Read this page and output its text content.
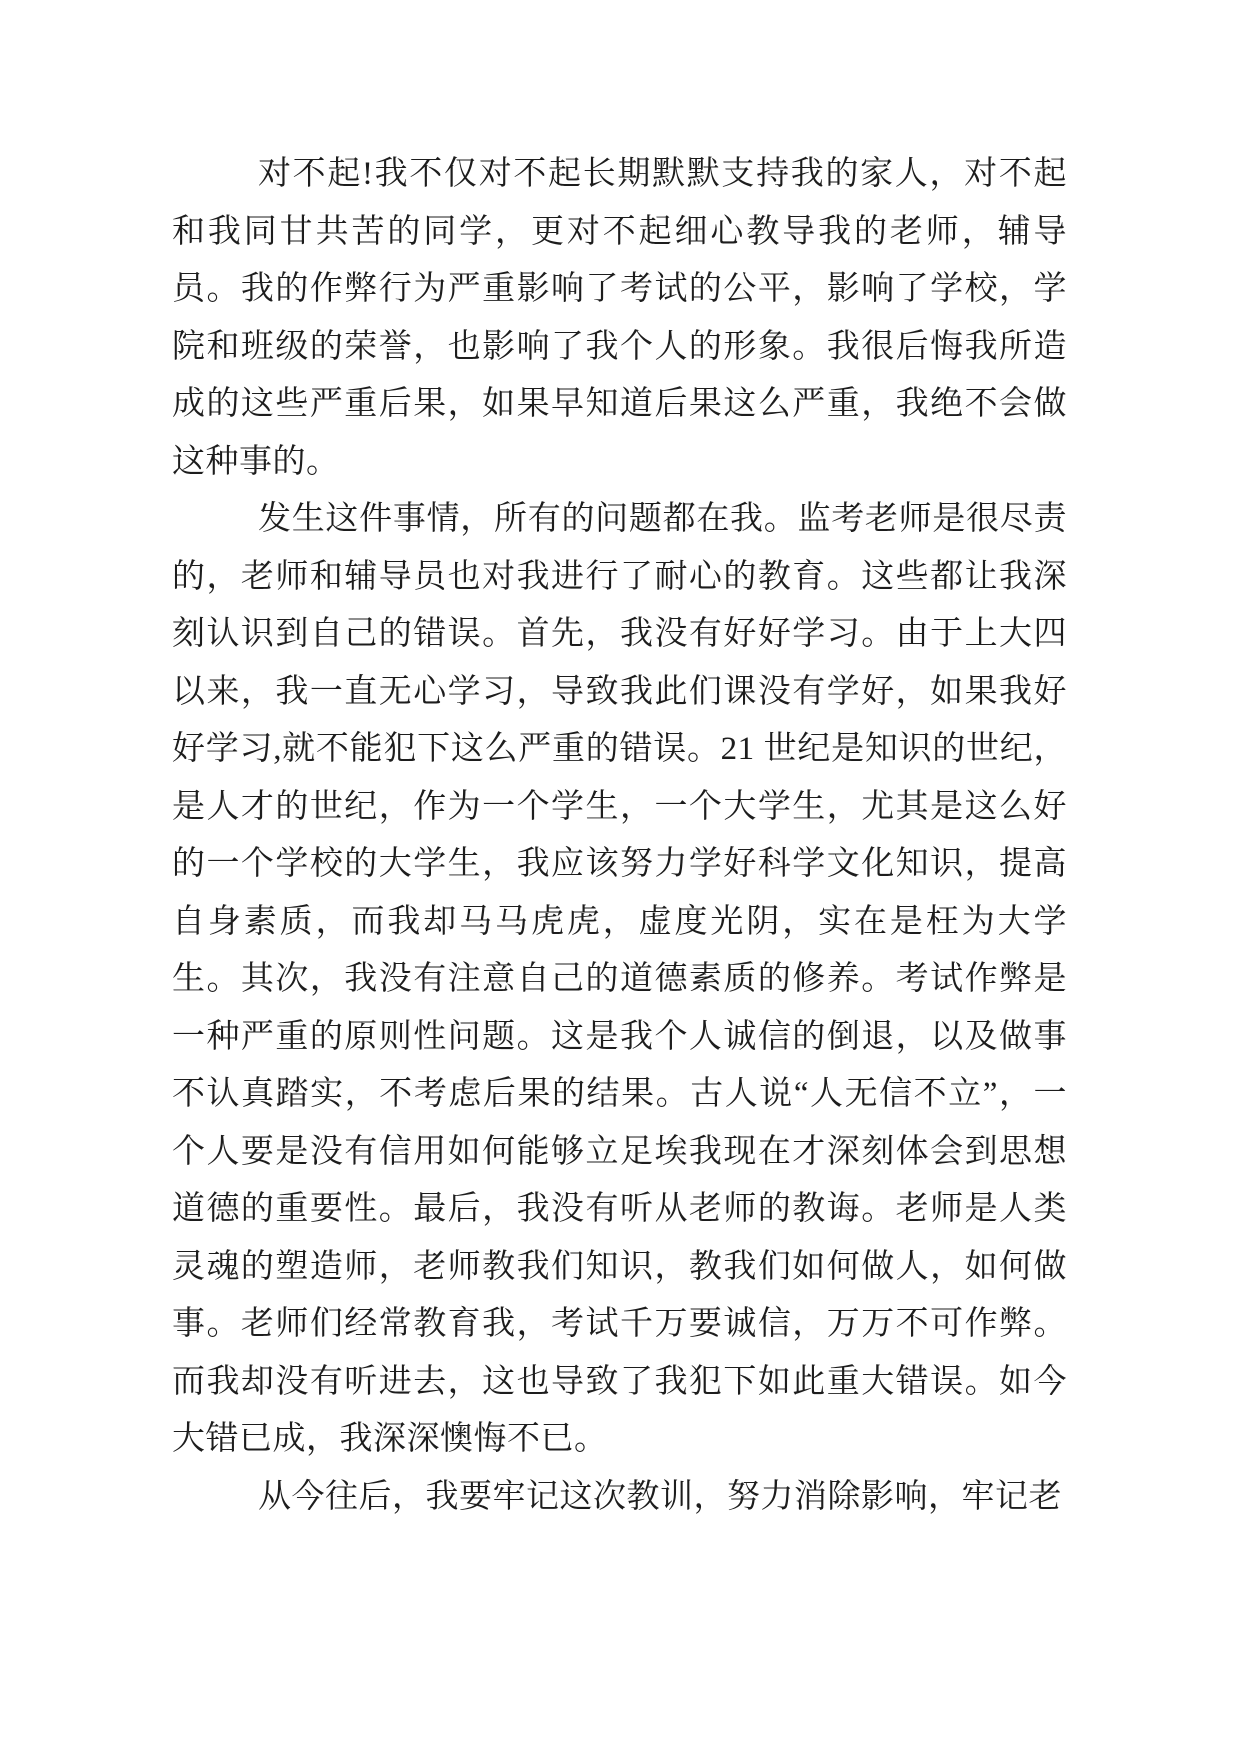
对不起!我不仅对不起长期默默支持我的家人，对不起和我同甘共苦的同学，更对不起细心教导我的老师，辅导员。我的作弊行为严重影响了考试的公平，影响了学校，学院和班级的荣誉，也影响了我个人的形象。我很后悔我所造成的这些严重后果，如果早知道后果这么严重，我绝不会做这种事的。

发生这件事情，所有的问题都在我。监考老师是很尽责的，老师和辅导员也对我进行了耐心的教育。这些都让我深刻认识到自己的错误。首先，我没有好好学习。由于上大四以来，我一直无心学习，导致我此们课没有学好，如果我好好学习,就不能犯下这么严重的错误。21 世纪是知识的世纪，是人才的世纪，作为一个学生，一个大学生，尤其是这么好的一个学校的大学生，我应该努力学好科学文化知识，提高自身素质，而我却马马虎虎，虚度光阴，实在是枉为大学生。其次，我没有注意自己的道德素质的修养。考试作弊是一种严重的原则性问题。这是我个人诚信的倒退，以及做事不认真踏实，不考虑后果的结果。古人说“人无信不立”，一个人要是没有信用如何能够立足埃我现在才深刻体会到思想道德的重要性。最后，我没有听从老师的教诲。老师是人类灵魂的塑造师，老师教我们知识，教我们如何做人，如何做事。老师们经常教育我，考试千万要诚信，万万不可作弊。而我却没有听进去，这也导致了我犯下如此重大错误。如今大错已成，我深深懊悔不已。

从今往后，我要牢记这次教训，努力消除影响，牢记老
